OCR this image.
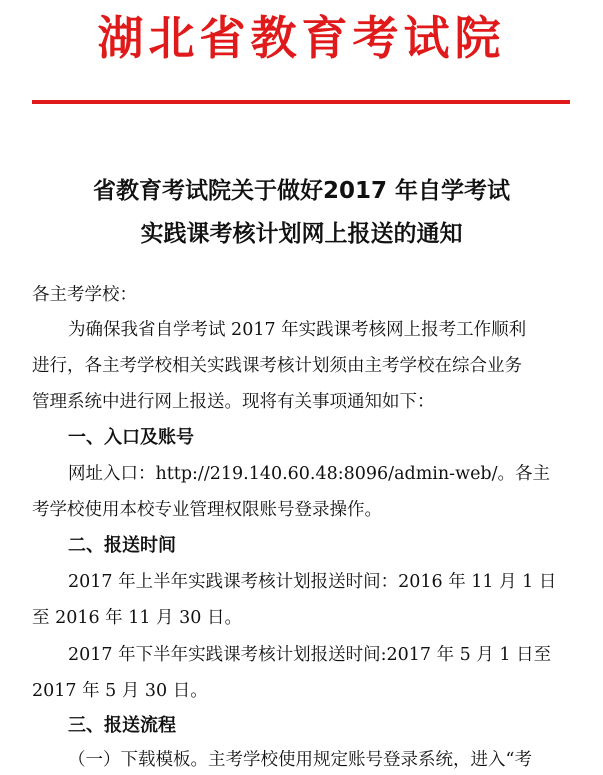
湖北省教育考试院
省教育考试院关于做好2017 年自学考试
实践课考核计划网上报送的通知
各主考学校：
为确保我省自学考试 2017 年实践课考核网上报考工作顺利
进行，各主考学校相关实践课考核计划须由主考学校在综合业务
管理系统中进行网上报送。现将有关事项通知如下：
一、入口及账号
网址入口：http://219.140.60.48:8096/admin-web/。各主
考学校使用本校专业管理权限账号登录操作。
二、报送时间
2017 年上半年实践课考核计划报送时间：2016 年 11 月 1 日
至 2016 年 11 月 30 日。
2017 年下半年实践课考核计划报送时间:2017 年 5 月 1 日至
2017 年 5 月 30 日。
三、报送流程
（一）下载模板。主考学校使用规定账号登录系统，进入“考
